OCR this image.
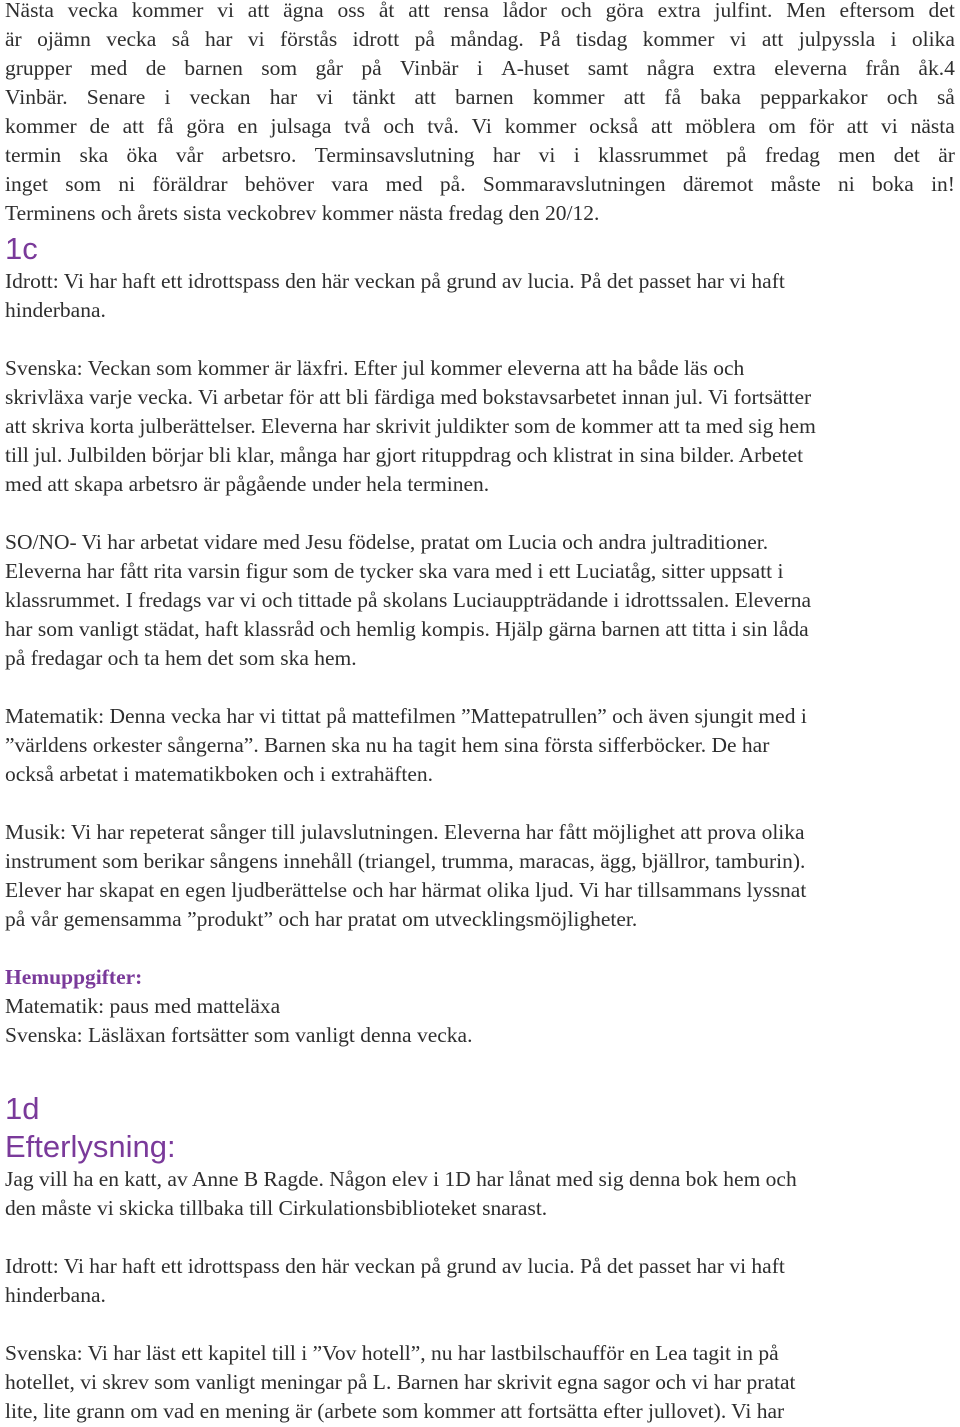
Nästa vecka kommer vi att ägna oss åt att rensa lådor och göra extra julfint. Men eftersom det
är ojämn vecka så har vi förstås idrott på måndag. På tisdag kommer vi att julpyssla i olika
grupper med de barnen som går på Vinbär i A-huset samt några extra eleverna från åk.4
Vinbär. Senare i veckan har vi tänkt att barnen kommer att få baka pepparkakor och så
kommer de att få göra en julsaga två och två. Vi kommer också att möblera om för att vi nästa
termin ska öka vår arbetsro. Terminsavslutning har vi i klassrummet på fredag men det är
inget som ni föräldrar behöver vara med på. Sommaravslutningen däremot måste ni boka in!
Terminens och årets sista veckobrev kommer nästa fredag den 20/12.
1c
Idrott: Vi har haft ett idrottspass den här veckan på grund av lucia. På det passet har vi haft
hinderbana.
Svenska: Veckan som kommer är läxfri. Efter jul kommer eleverna att ha både läs och
skrivläxa varje vecka. Vi arbetar för att bli färdiga med bokstavsarbetet innan jul. Vi fortsätter
att skriva korta julberättelser. Eleverna har skrivit juldikter som de kommer att ta med sig hem
till jul. Julbilden börjar bli klar, många har gjort rituppdrag och klistrat in sina bilder. Arbetet
med att skapa arbetsro är pågående under hela terminen.
SO/NO- Vi har arbetat vidare med Jesu födelse, pratat om Lucia och andra jultraditioner.
Eleverna har fått rita varsin figur som de tycker ska vara med i ett Luciatåg, sitter uppsatt i
klassrummet. I fredags var vi och tittade på skolans Luciauppträdande i idrottssalen. Eleverna
har som vanligt städat, haft klassråd och hemlig kompis. Hjälp gärna barnen att titta i sin låda
på fredagar och ta hem det som ska hem.
Matematik: Denna vecka har vi tittat på mattefilmen ”Mattepatrullen” och även sjungit med i
”världens orkester sångerna”. Barnen ska nu ha tagit hem sina första sifferböcker. De har
också arbetat i matematikboken och i extrahäften.
Musik: Vi har repeterat sånger till julavslutningen. Eleverna har fått möjlighet att prova olika
instrument som berikar sångens innehåll (triangel, trumma, maracas, ägg, bjällror, tamburin).
Elever har skapat en egen ljudberättelse och har härmat olika ljud. Vi har tillsammans lyssnat
på vår gemensamma ”produkt” och har pratat om utvecklingsmöjligheter.
Hemuppgifter:
Matematik: paus med matteläxa
Svenska: Läsläxan fortsätter som vanligt denna vecka.
1d
Efterlysning:
Jag vill ha en katt, av Anne B Ragde. Någon elev i 1D har lånat med sig denna bok hem och
den måste vi skicka tillbaka till Cirkulationsbiblioteket snarast.
Idrott: Vi har haft ett idrottspass den här veckan på grund av lucia. På det passet har vi haft
hinderbana.
Svenska: Vi har läst ett kapitel till i ”Vov hotell”, nu har lastbilschaufför en Lea tagit in på
hotellet, vi skrev som vanligt meningar på L. Barnen har skrivit egna sagor och vi har pratat
lite, lite grann om vad en mening är (arbete som kommer att fortsätta efter jullovet). Vi har
